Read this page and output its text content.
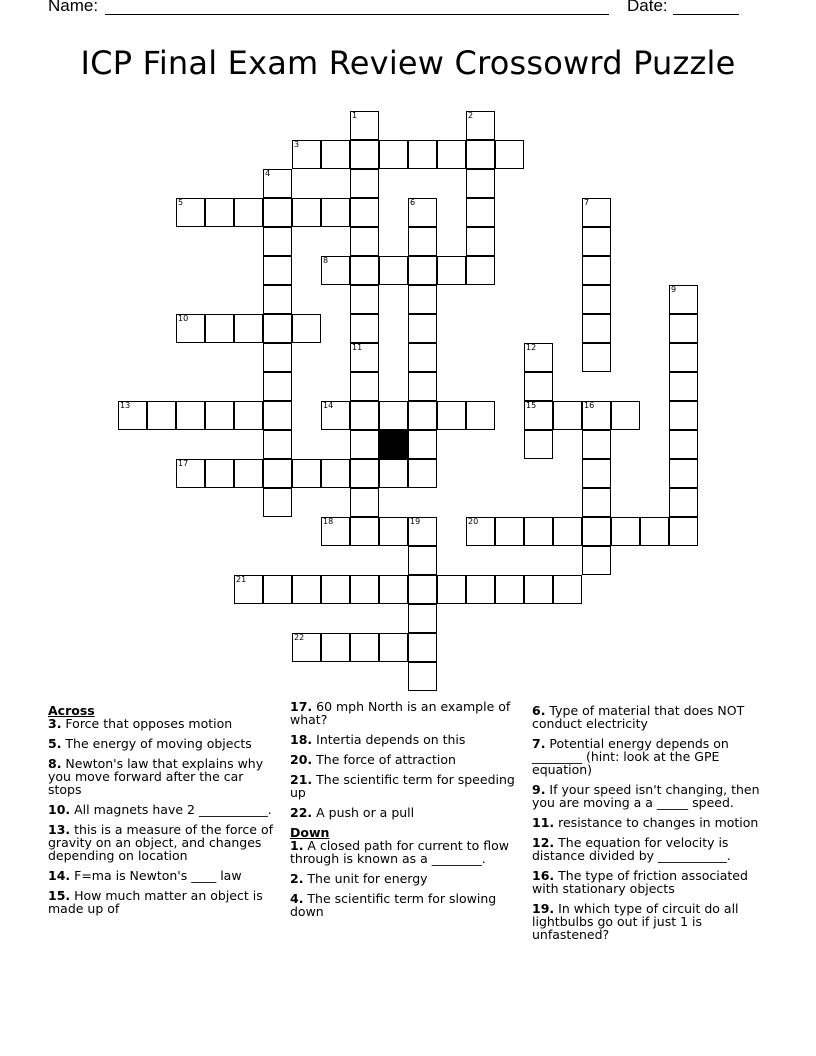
Name:	Date:
ICP Final Exam Review Crossowrd Puzzle
3
5
8
10
13	14	15	16
17
18	19	20
21
22
1	2
4
6	7
9
11	12
Across
3. Force that opposes motion
5. The energy of moving objects
8. Newton's law that explains why you move forward after the car stops
10. All magnets have 2 ___________.
13. this is a measure of the force of gravity on an object, and changes depending on location
14. F=ma is Newton's ____ law
15. How much matter an object is made up of
17. 60 mph North is an example of what?
18. Intertia depends on this
20. The force of attraction
21. The scientific term for speeding up
22. A push or a pull
Down
1. A closed path for current to flow through is known as a ________.
2. The unit for energy
4. The scientific term for slowing down
6. Type of material that does NOT conduct electricity
7. Potential energy depends on ________ (hint: look at the GPE equation)
9. If your speed isn't changing, then you are moving a a _____ speed.
11. resistance to changes in motion
12. The equation for velocity is distance divided by ___________.
16. The type of friction associated with stationary objects
19. In which type of circuit do all lightbulbs go out if just 1 is unfastened?
